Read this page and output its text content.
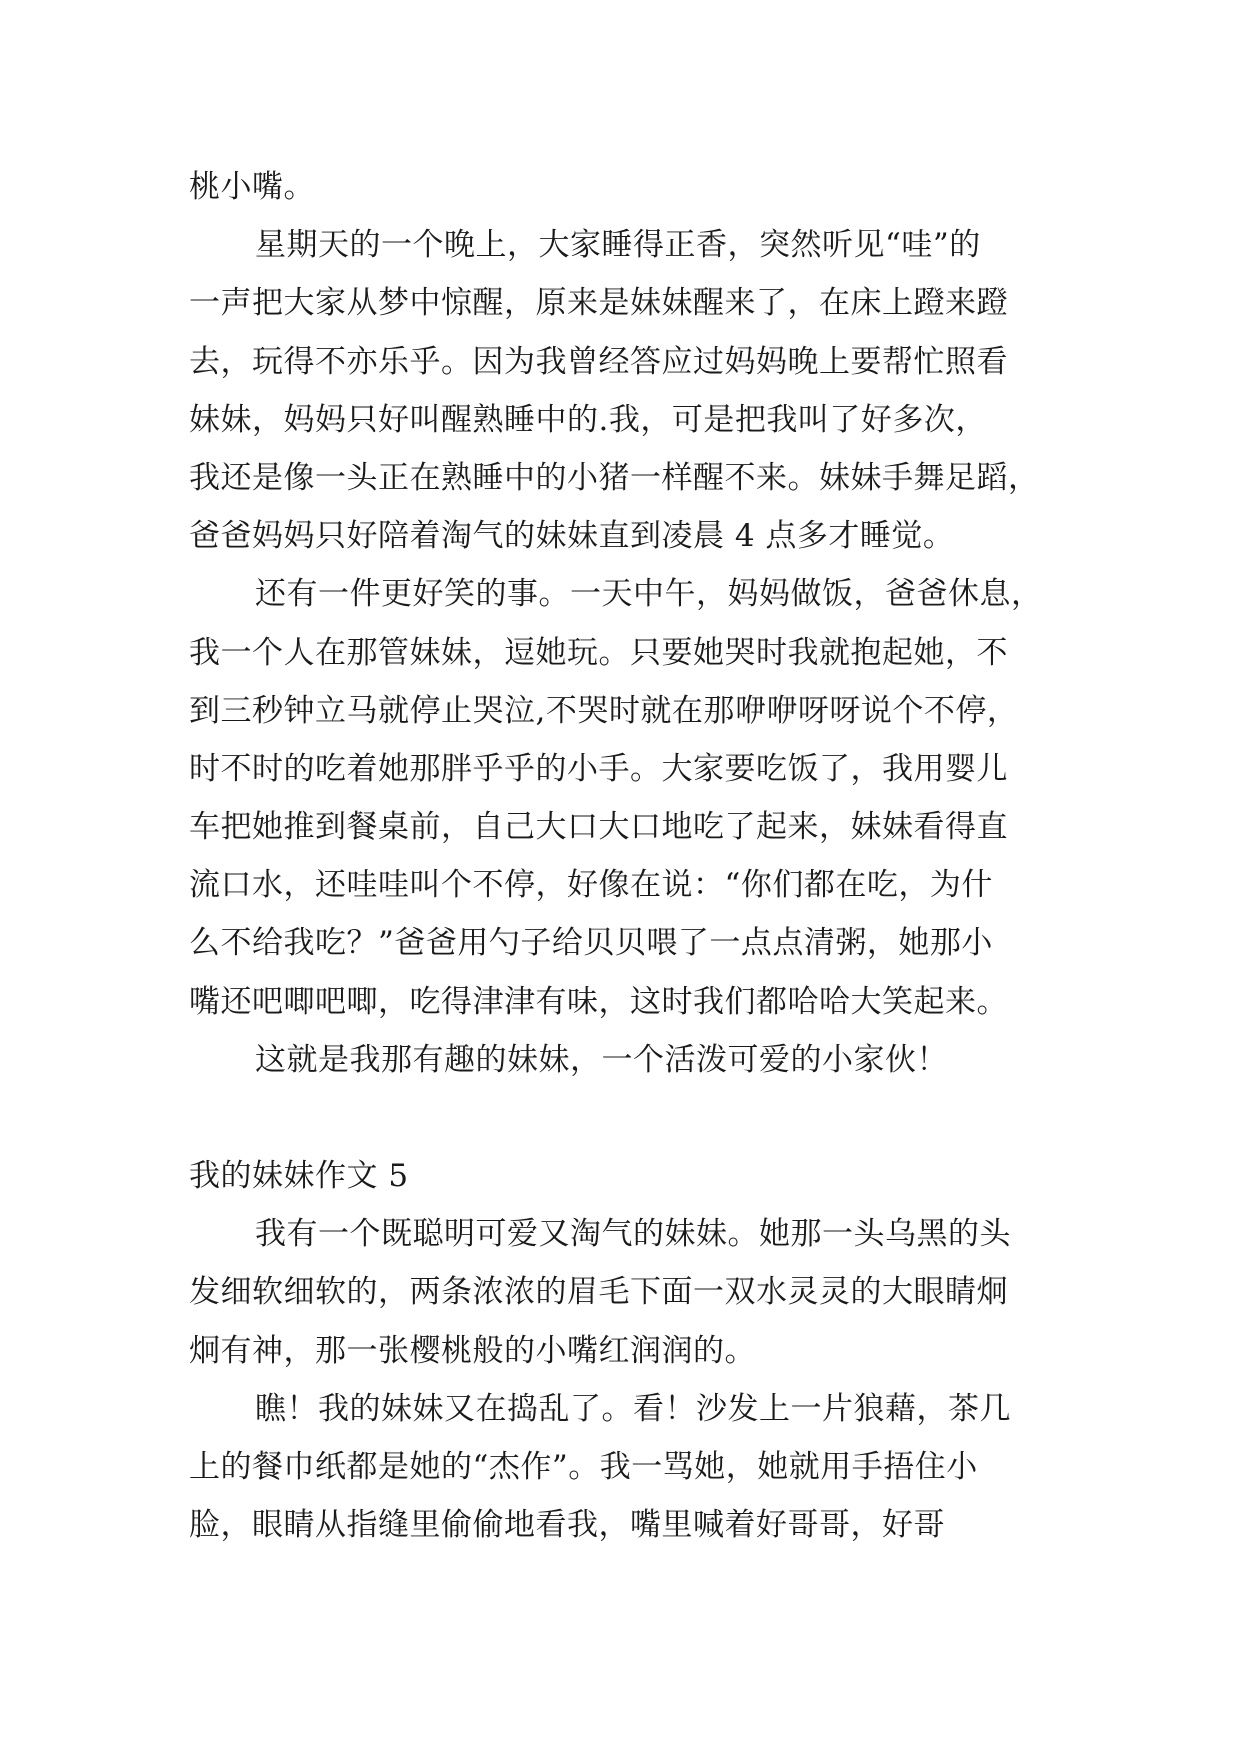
桃小嘴。
星期天的一个晚上，大家睡得正香，突然听见“哇”的
一声把大家从梦中惊醒，原来是妹妹醒来了，在床上蹬来蹬
去，玩得不亦乐乎。因为我曾经答应过妈妈晚上要帮忙照看
妹妹，妈妈只好叫醒熟睡中的.我，可是把我叫了好多次，
我还是像一头正在熟睡中的小猪一样醒不来。妹妹手舞足蹈，
爸爸妈妈只好陪着淘气的妹妹直到凌晨 4 点多才睡觉。
还有一件更好笑的事。一天中午，妈妈做饭，爸爸休息，
我一个人在那管妹妹，逗她玩。只要她哭时我就抱起她，不
到三秒钟立马就停止哭泣,不哭时就在那咿咿呀呀说个不停，
时不时的吃着她那胖乎乎的小手。大家要吃饭了，我用婴儿
车把她推到餐桌前，自己大口大口地吃了起来，妹妹看得直
流口水，还哇哇叫个不停，好像在说：“你们都在吃，为什
么不给我吃？”爸爸用勺子给贝贝喂了一点点清粥，她那小
嘴还吧唧吧唧，吃得津津有味，这时我们都哈哈大笑起来。
这就是我那有趣的妹妹，一个活泼可爱的小家伙！
我的妹妹作文 5
我有一个既聪明可爱又淘气的妹妹。她那一头乌黑的头
发细软细软的，两条浓浓的眉毛下面一双水灵灵的大眼睛炯
炯有神，那一张樱桃般的小嘴红润润的。
瞧！我的妹妹又在捣乱了。看！沙发上一片狼藉，茶几
上的餐巾纸都是她的“杰作”。我一骂她，她就用手捂住小
脸，眼睛从指缝里偷偷地看我，嘴里喊着好哥哥，好哥
